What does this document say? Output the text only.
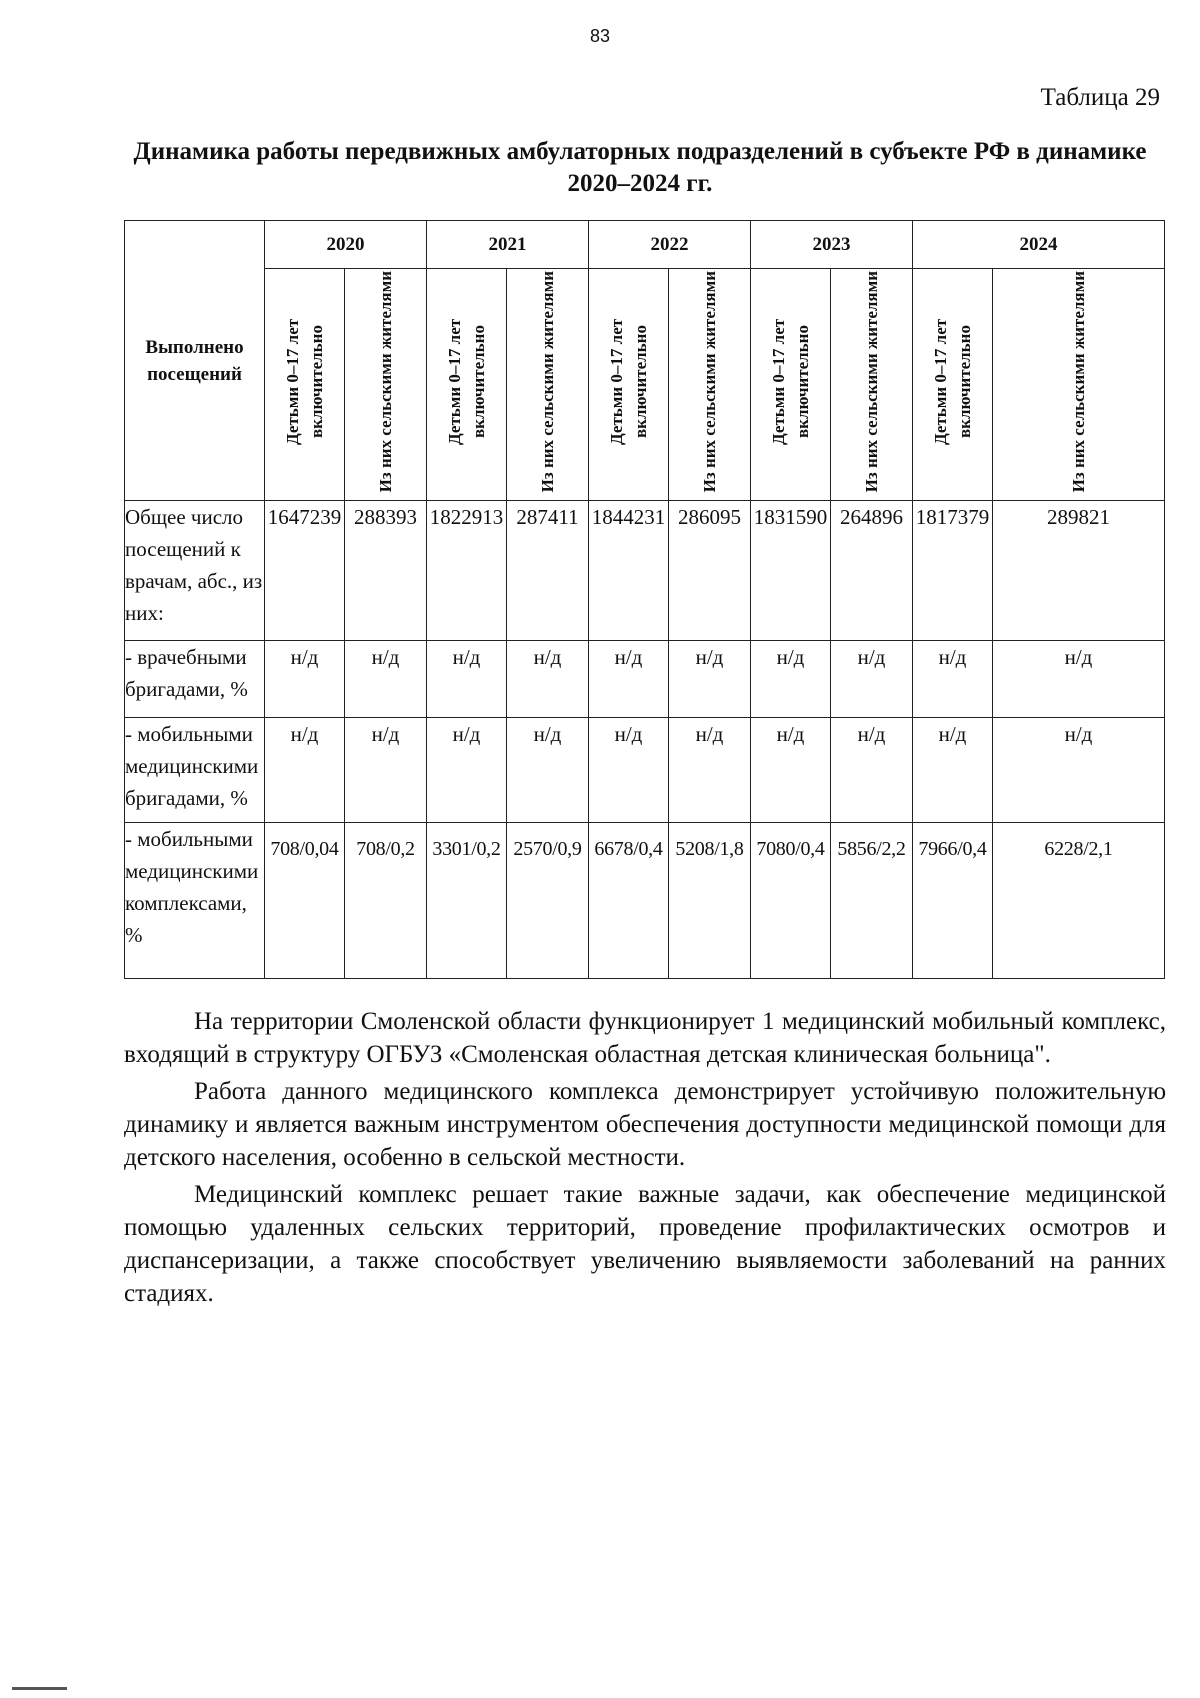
83
Таблица 29
Динамика работы передвижных амбулаторных подразделений в субъекте РФ в динамике 2020–2024 гг.
Выполнено посещений	2020		2021		2022		2023		2024	
	Детьми 0–17 лет включительно	Из них сельскими жителями	Детьми 0–17 лет включительно	Из них сельскими жителями	Детьми 0–17 лет включительно	Из них сельскими жителями	Детьми 0–17 лет включительно	Из них сельскими жителями	Детьми 0–17 лет включительно	Из них сельскими жителями
Общее число посещений к врачам, абс., из них:	1647239	288393	1822913	287411	1844231	286095	1831590	264896	1817379	289821
- врачебными бригадами, %	н/д	н/д	н/д	н/д	н/д	н/д	н/д	н/д	н/д	н/д
- мобильными медицинскими бригадами, %	н/д	н/д	н/д	н/д	н/д	н/д	н/д	н/д	н/д	н/д
- мобильными медицинскими комплексами, %	708/0,04	708/0,2	3301/0,2	2570/0,9	6678/0,4	5208/1,8	7080/0,4	5856/2,2	7966/0,4	6228/2,1

На территории Смоленской области функционирует 1 медицинский мобильный комплекс, входящий в структуру ОГБУЗ «Смоленская областная детская клиническая больница".

Работа данного медицинского комплекса демонстрирует устойчивую положительную динамику и является важным инструментом обеспечения доступности медицинской помощи для детского населения, особенно в сельской местности.

Медицинский комплекс решает такие важные задачи, как обеспечение медицинской помощью удаленных сельских территорий, проведение профилактических осмотров и диспансеризации, а также способствует увеличению выявляемости заболеваний на ранних стадиях.
